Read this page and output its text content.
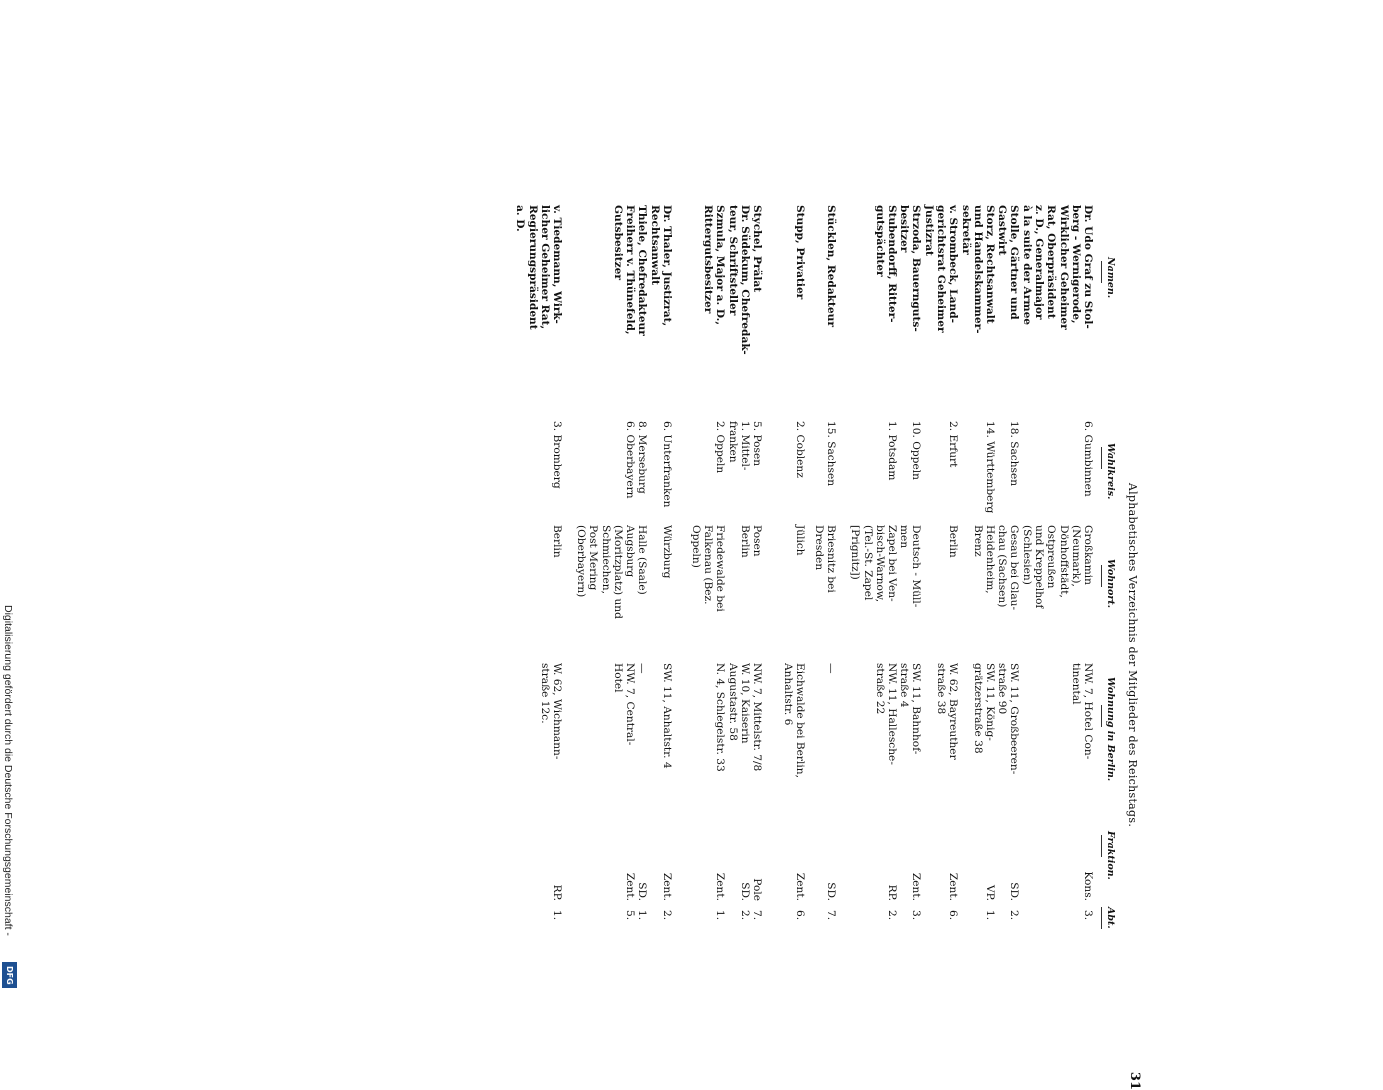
Digitalisierung gefördert durch die Deutsche Forschungsgemeinschaft -
DFG
Alphabetisches Verzeichnis der Mitglieder des Reichstags.
31
Namen.
Wahlkreis.
Wohnort.
Wohnung in Berlin.
Fraktion.
Abt.
Dr. Udo Graf zu Stol-
berg - Wernigerode,
Wirklicher Geheimer
Rat, Oberpräsident
z. D., Generalmajor
à la suite der Armee
6. Gumbinnen
Großkamin
(Neumark),
Dönhoffstädt,
Ostpreußen
und Kreppelhof
(Schlesien)
NW. 7, Hotel Con-
tinental
Kons.
3.
Stolle, Gärtner und
Gastwirt
18. Sachsen
Gesau bei Glau-
chau (Sachsen)
SW. 11, Großbeeren-
straße 90
SD.
2.
Storz, Rechtsanwalt
und Handelskammer-
sekretär
14. Württemberg
Heidenheim,
Brenz
SW. 11, König-
grätzerstraße 38
VP.
1.
v. Strombeck, Land-
gerichtsrat Geheimer
Justizrat
2. Erfurt
Berlin
W. 62, Bayreuther
straße 38
Zent.
6.
Strzoda, Bauernguts-
besitzer
10. Oppeln
Deutsch - Müll-
men
SW. 11, Bahnhof-
straße 4
Zent.
3.
Stubendorff, Ritter-
gutspächter
1. Potsdam
Zapel bei Ven-
bisch-Warnow,
(Tel.-St. Zapel
[Prignitz])
NW. 11, Hallesche-
straße 22
RP.
2.
Stücklen, Redakteur
15. Sachsen
Briesnitz bei
Dresden
—
SD.
7.
Stupp, Privatier
2. Coblenz
Jülich
Eichwalde bei Berlin,
Anhaltstr. 6
Zent.
6.
Stychel, Prälat
5. Posen
Posen
NW. 7, Mittelstr. 7/8
Pole
7.
Dr. Südekum, Chefredak-
teur, Schriftsteller
1. Mittel-
franken
Berlin
W. 10, Kaiserin
Augustastr. 58
SD.
2.
Szmula, Major a. D.,
Rittergutsbesitzer
2. Oppeln
Friedewalde bei
Falkenau (Bez.
Oppeln)
N. 4, Schlegelstr. 33
Zent.
1.
Dr. Thaler, Justizrat,
Rechtsanwalt
6. Unterfranken
Würzburg
SW. 11, Anhaltstr. 4
Zent.
2.
Thiele, Chefredakteur
8. Merseburg
Halle (Saale)
—
SD.
1.
Freiherr v. Thünefeld,
Gutsbesitzer
6. Oberbayern
Augsburg
(Moritzplatz) und
Schmiechen,
Post Mering
(Oberbayern)
NW. 7, Central-
Hotel
Zent.
5.
v. Tiedemann, Wirk-
licher Geheimer Rat,
Regierungspräsident
a. D.
3. Bromberg
Berlin
W. 62, Wichmann-
straße 12c.
RP.
1.
